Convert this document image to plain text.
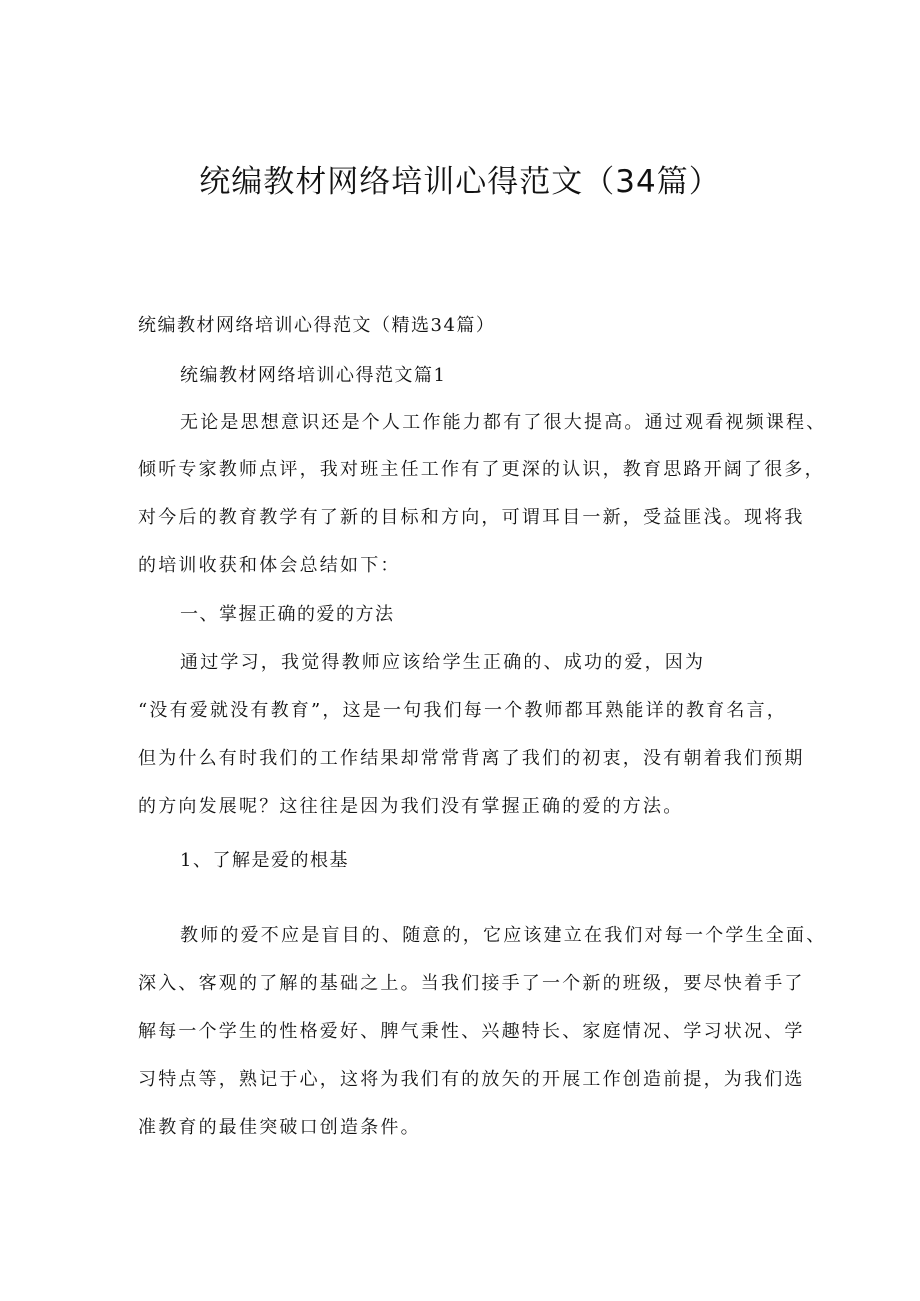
统编教材网络培训心得范文（34篇）
统编教材网络培训心得范文（精选34篇）
统编教材网络培训心得范文篇1
无论是思想意识还是个人工作能力都有了很大提高。通过观看视频课程、
倾听专家教师点评，我对班主任工作有了更深的认识，教育思路开阔了很多，
对今后的教育教学有了新的目标和方向，可谓耳目一新，受益匪浅。现将我
的培训收获和体会总结如下：
一、掌握正确的爱的方法
通过学习，我觉得教师应该给学生正确的、成功的爱，因为
“没有爱就没有教育”，这是一句我们每一个教师都耳熟能详的教育名言，
但为什么有时我们的工作结果却常常背离了我们的初衷，没有朝着我们预期
的方向发展呢？这往往是因为我们没有掌握正确的爱的方法。
1、了解是爱的根基
教师的爱不应是盲目的、随意的，它应该建立在我们对每一个学生全面、
深入、客观的了解的基础之上。当我们接手了一个新的班级，要尽快着手了
解每一个学生的性格爱好、脾气秉性、兴趣特长、家庭情况、学习状况、学
习特点等，熟记于心，这将为我们有的放矢的开展工作创造前提，为我们选
准教育的最佳突破口创造条件。
